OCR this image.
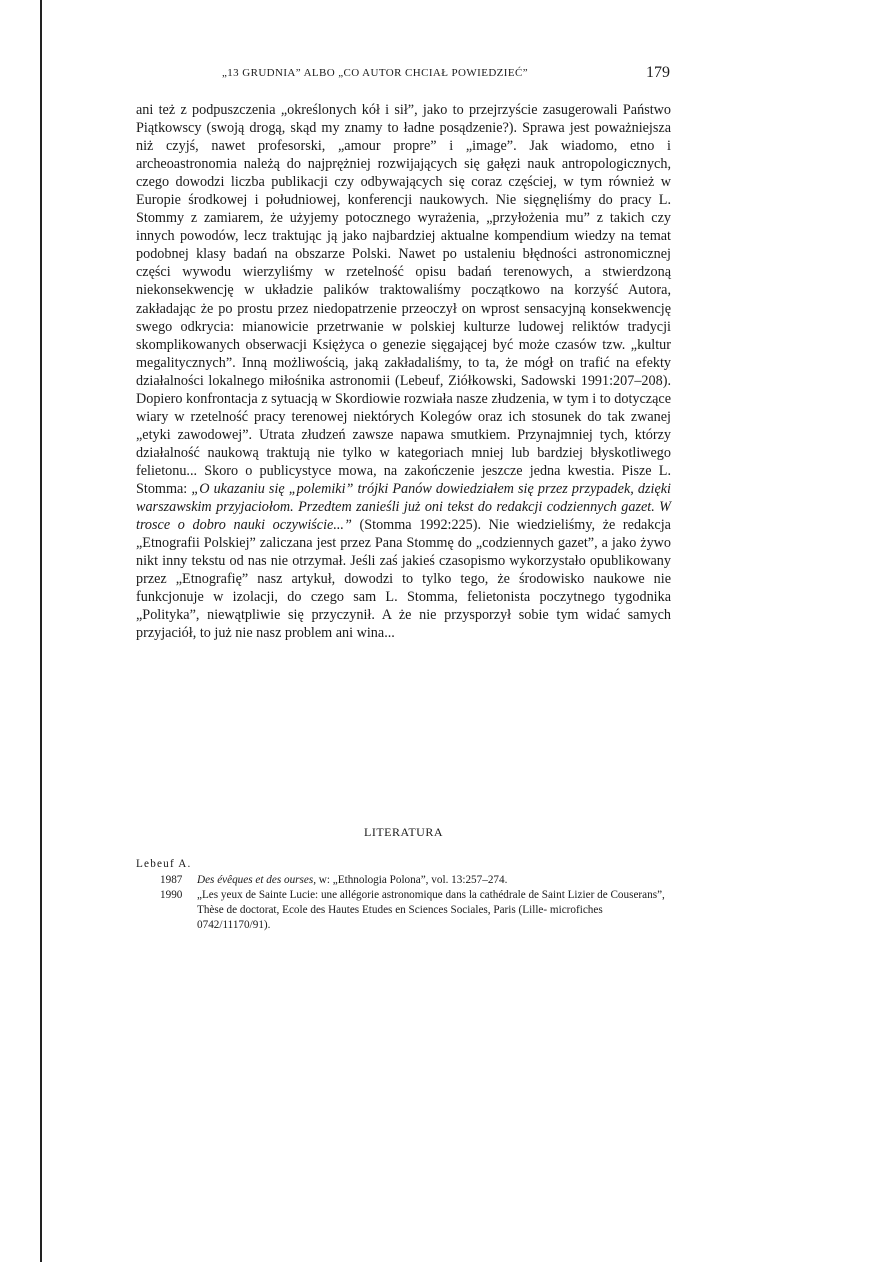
„13 GRUDNIA” ALBO „CO AUTOR CHCIAŁ POWIEDZIEĆ”	179

ani też z podpuszczenia „określonych kół i sił”, jako to przejrzyście zasugerowali Państwo Piątkowscy (swoją drogą, skąd my znamy to ładne posądzenie?). Sprawa jest poważniejsza niż czyjś, nawet profesorski, „amour propre” i „image”. Jak wiadomo, etno i archeoastronomia należą do najprężniej rozwijających się gałęzi nauk antropologicznych, czego dowodzi liczba publikacji czy odbywających się coraz częściej, w tym również w Europie środkowej i południowej, konferencji naukowych. Nie sięgnęliśmy do pracy L. Stommy z zamiarem, że użyjemy potocznego wyrażenia, „przyłożenia mu” z takich czy innych powodów, lecz traktując ją jako najbardziej aktualne kompendium wiedzy na temat podobnej klasy badań na obszarze Polski. Nawet po ustaleniu błędności astronomicznej części wywodu wierzyliśmy w rzetelność opisu badań terenowych, a stwierdzoną niekonsekwencję w układzie palików traktowaliśmy początkowo na korzyść Autora, zakładając że po prostu przez niedopatrzenie przeoczył on wprost sensacyjną konsekwencję swego odkrycia: mianowicie przetrwanie w polskiej kulturze ludowej reliktów tradycji skomplikowanych obserwacji Księżyca o genezie sięgającej być może czasów tzw. „kultur megalitycznych”. Inną możliwością, jaką zakładaliśmy, to ta, że mógł on trafić na efekty działalności lokalnego miłośnika astronomii (Lebeuf, Ziółkowski, Sadowski 1991:207–208). Dopiero konfrontacja z sytuacją w Skordiowie rozwiała nasze złudzenia, w tym i to dotyczące wiary w rzetelność pracy terenowej niektórych Kolegów oraz ich stosunek do tak zwanej „etyki zawodowej”. Utrata złudzeń zawsze napawa smutkiem. Przynajmniej tych, którzy działalność naukową traktują nie tylko w kategoriach mniej lub bardziej błyskotliwego felietonu... Skoro o publicystyce mowa, na zakończenie jeszcze jedna kwestia. Pisze L. Stomma: „O ukazaniu się „polemiki” trójki Panów dowiedziałem się przez przypadek, dzięki warszawskim przyjaciołom. Przedtem zanieśli już oni tekst do redakcji codziennych gazet. W trosce o dobro nauki oczywiście...” (Stomma 1992:225). Nie wiedzieliśmy, że redakcja „Etnografii Polskiej” zaliczana jest przez Pana Stommę do „codziennych gazet”, a jako żywo nikt inny tekstu od nas nie otrzymał. Jeśli zaś jakieś czasopismo wykorzystało opublikowany przez „Etnografię” nasz artykuł, dowodzi to tylko tego, że środowisko naukowe nie funkcjonuje w izolacji, do czego sam L. Stomma, felietonista poczytnego tygodnika „Polityka”, niewątpliwie się przyczynił. A że nie przysporzył sobie tym widać samych przyjaciół, to już nie nasz problem ani wina...

LITERATURA
Lebeuf A.
1987	Des évêques et des ourses, w: „Ethnologia Polona”, vol. 13:257–274.
1990	„Les yeux de Sainte Lucie: une allégorie astronomique dans la cathédrale de Saint Lizier de Couserans”, Thèse de doctorat, Ecole des Hautes Etudes en Sciences Sociales, Paris (Lille- microfiches 0742/11170/91).
